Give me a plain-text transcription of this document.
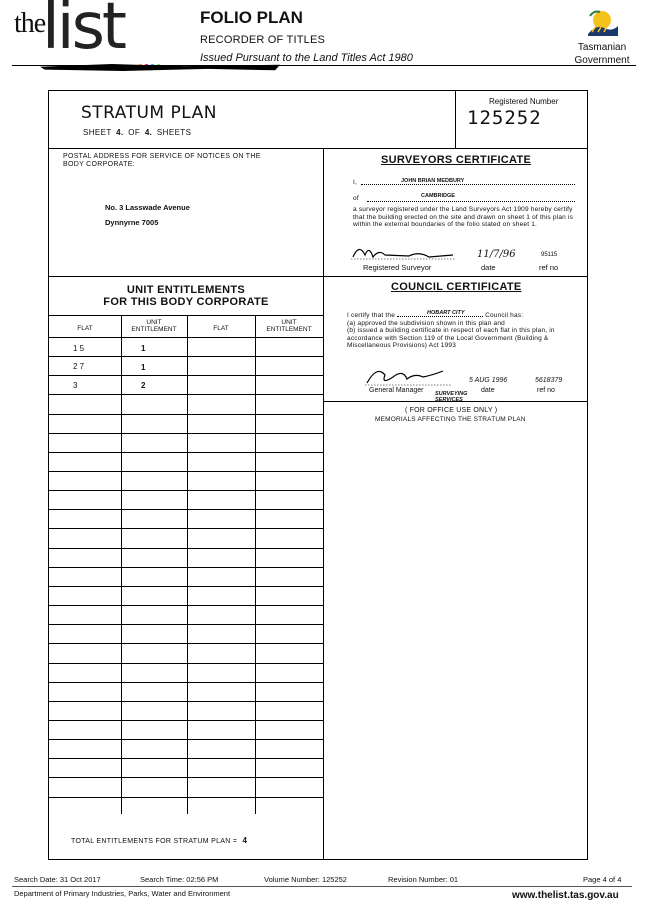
the
list	FOLIO PLAN
RECORDER OF TITLES
Issued Pursuant to the Land Titles Act 1980
Tasmanian
Government
STRATUM PLAN
SHEET 4. OF 4. SHEETS
Registered Number
125252
POSTAL ADDRESS FOR SERVICE OF NOTICES ON THE BODY CORPORATE:
No. 3 Lasswade Avenue
Dynnyrne 7005
SURVEYORS CERTIFICATE
I,	JOHN BRIAN MEDBURY
of	CAMBRIDGE
a surveyor registered under the Land Surveyors Act 1909 hereby certify that the building erected on the site and drawn on sheet 1 of this plan is within the external boundaries of the folio stated on sheet 1.
11/7/96	95115
Registered Surveyor	date	ref no
UNIT ENTITLEMENTS
FOR THIS BODY CORPORATE
FLAT
UNIT
ENTITLEMENT	FLAT
UNIT
ENTITLEMENT
1 5	1
2 7	1
3	2
TOTAL ENTITLEMENTS FOR STRATUM PLAN = 4
COUNCIL CERTIFICATE
I certify that the	Council has:
(a) approved the subdivision shown in this plan and
(b) issued a building certificate in respect of each flat in this plan, in accordance with Section 119 of the Local Government (Building & Miscellaneous Provisions) Act 1993
HOBART CITY
5 AUG 1996	5618379
General Manager	date	ref no
SURVEYING
SERVICES
( FOR OFFICE USE ONLY )
MEMORIALS AFFECTING THE STRATUM PLAN
Search Date: 31 Oct 2017	Search Time: 02:56 PM	Volume Number: 125252	Revision Number: 01	Page 4 of 4
Department of Primary Industries, Parks, Water and Environment	www.thelist.tas.gov.au
